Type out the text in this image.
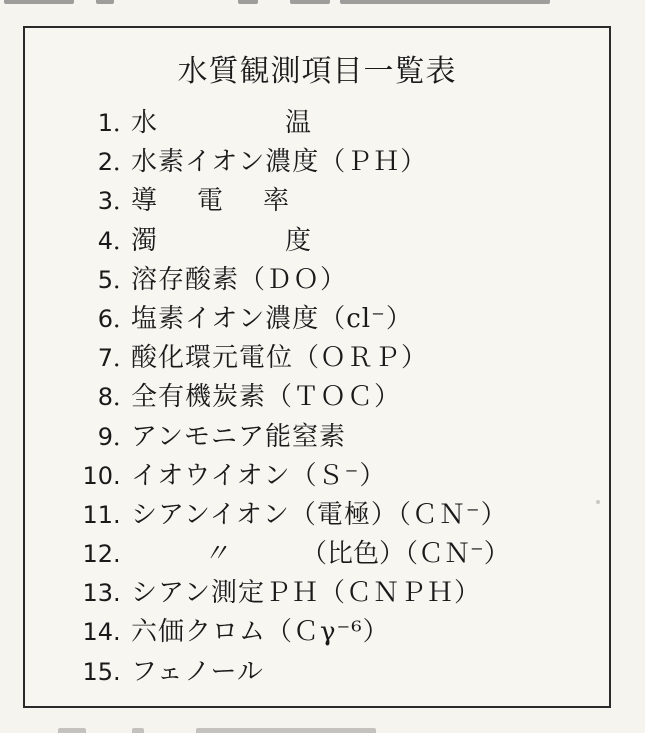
水質観測項目一覧表
1 ．
水温
2 ．
水素イオン濃度（ＰＨ）
3 ．
導電率
4 ．
濁度
5 ．
溶存酸素（ＤＯ）
6 ．
塩素イオン濃度（cl⁻）
7 ．
酸化環元電位（ＯＲＰ）
8 ．
全有機炭素（ＴＯＣ）
9 ．
アンモニア能窒素
10 . イオウイオン（Ｓ⁻）
11 . シアンイオン（電極）（ＣＮ⁻）
12 .	〃	（比色）（ＣＮ⁻）
13 . シアン測定ＰＨ（ＣＮＰＨ）
14 . 六価クロム（Ｃγ⁻⁶）
15 . フェノール
